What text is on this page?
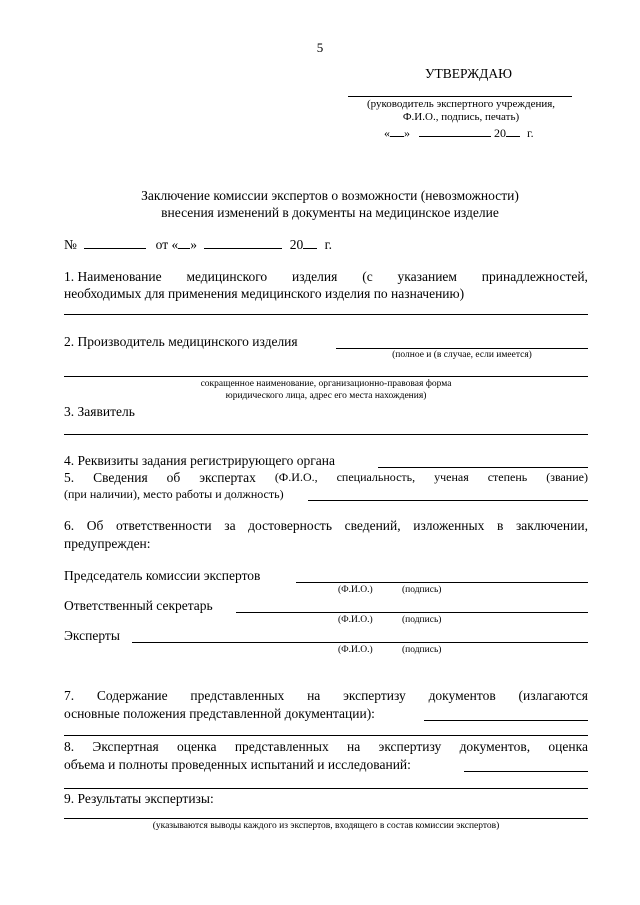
5
УТВЕРЖДАЮ
(руководитель экспертного учреждения,
Ф.И.О., подпись, печать)
« »	20 г.
Заключение комиссии экспертов о возможности (невозможности)
внесения изменений в документы на медицинское изделие
№	от « »	20 г.
1. Наименование медицинского изделия (с указанием принадлежностей,
необходимых для применения медицинского изделия по назначению)
2. Производитель медицинского изделия
(полное и (в случае, если имеется)
сокращенное наименование, организационно-правовая форма
юридического лица, адрес его места нахождения)
3. Заявитель
4. Реквизиты задания регистрирующего органа
5. Сведения об экспертах (Ф.И.О., специальность, ученая степень (звание)
(при наличии), место работы и должность)
6. Об ответственности за достоверность сведений, изложенных в заключении,
предупрежден:
Председатель комиссии экспертов
(Ф.И.О.)	(подпись)
Ответственный секретарь
(Ф.И.О.)	(подпись)
Эксперты
(Ф.И.О.)	(подпись)
7. Содержание представленных на экспертизу документов (излагаются
основные положения представленной документации):
8. Экспертная оценка представленных на экспертизу документов, оценка
объема и полноты проведенных испытаний и исследований:
9. Результаты экспертизы:
(указываются выводы каждого из экспертов, входящего в состав комиссии экспертов)
